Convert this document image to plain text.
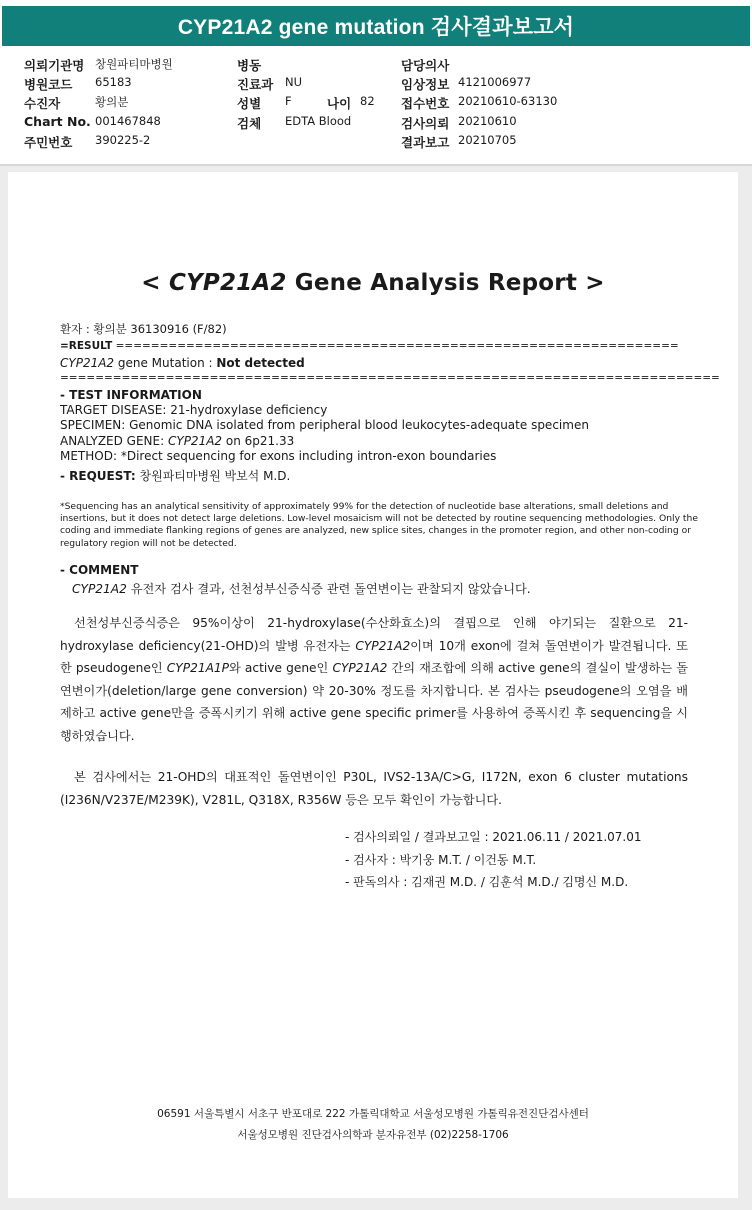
CYP21A2 gene mutation 검사결과보고서
의뢰기관명 창원파티마병원	병동	담당의사
병원코드 65183	진료과 NU	임상정보 4121006977
수진자	황의분	성별 F	나이 82 접수번호 20210610-63130
Chart No. 001467848	검체 EDTA Blood	검사의뢰 20210610
주민번호 390225-2	결과보고 20210705
< CYP21A2 Gene Analysis Report >
환자 : 황의분 36130916 (F/82)
=RESULT ================================================================
CYP21A2 gene Mutation : Not detected
===========================================================================
- TEST INFORMATION
TARGET DISEASE: 21-hydroxylase deficiency
SPECIMEN: Genomic DNA isolated from peripheral blood leukocytes-adequate specimen
ANALYZED GENE: CYP21A2 on 6p21.33
METHOD: *Direct sequencing for exons including intron-exon boundaries
- REQUEST: 창원파티마병원 박보석 M.D.
*Sequencing has an analytical sensitivity of approximately 99% for the detection of nucleotide base alterations, small deletions and insertions, but it does not detect large deletions. Low-level mosaicism will not be detected by routine sequencing methodologies. Only the coding and immediate flanking regions of genes are analyzed, new splice sites, changes in the promoter region, and other non-coding or regulatory region will not be detected.
- COMMENT
CYP21A2 유전자 검사 결과, 선천성부신증식증 관련 돌연변이는 관찰되지 않았습니다.
선천성부신증식증은 95%이상이 21-hydroxylase(수산화효소)의 결핍으로 인해 야기되는 질환으로 21-hydroxylase deficiency(21-OHD)의 발병 유전자는 CYP21A2이며 10개 exon에 걸쳐 돌연변이가 발견됩니다. 또한 pseudogene인 CYP21A1P와 active gene인 CYP21A2 간의 재조합에 의해 active gene의 결실이 발생하는 돌연변이가(deletion/large gene conversion) 약 20-30% 정도를 차지합니다. 본 검사는 pseudogene의 오염을 배제하고 active gene만을 증폭시키기 위해 active gene specific primer를 사용하여 증폭시킨 후 sequencing을 시행하였습니다.
본 검사에서는 21-OHD의 대표적인 돌연변이인 P30L, IVS2-13A/C>G, I172N, exon 6 cluster mutations (I236N/V237E/M239K), V281L, Q318X, R356W 등은 모두 확인이 가능합니다.
- 검사의뢰일 / 결과보고일 : 2021.06.11 / 2021.07.01
- 검사자 : 박기웅 M.T. / 이건동 M.T.
- 판독의사 : 김재권 M.D. / 김훈석 M.D./ 김명신 M.D.
06591 서울특별시 서초구 반포대로 222 가톨릭대학교 서울성모병원 가톨릭유전진단검사센터
서울성모병원 진단검사의학과 분자유전부 (02)2258-1706
